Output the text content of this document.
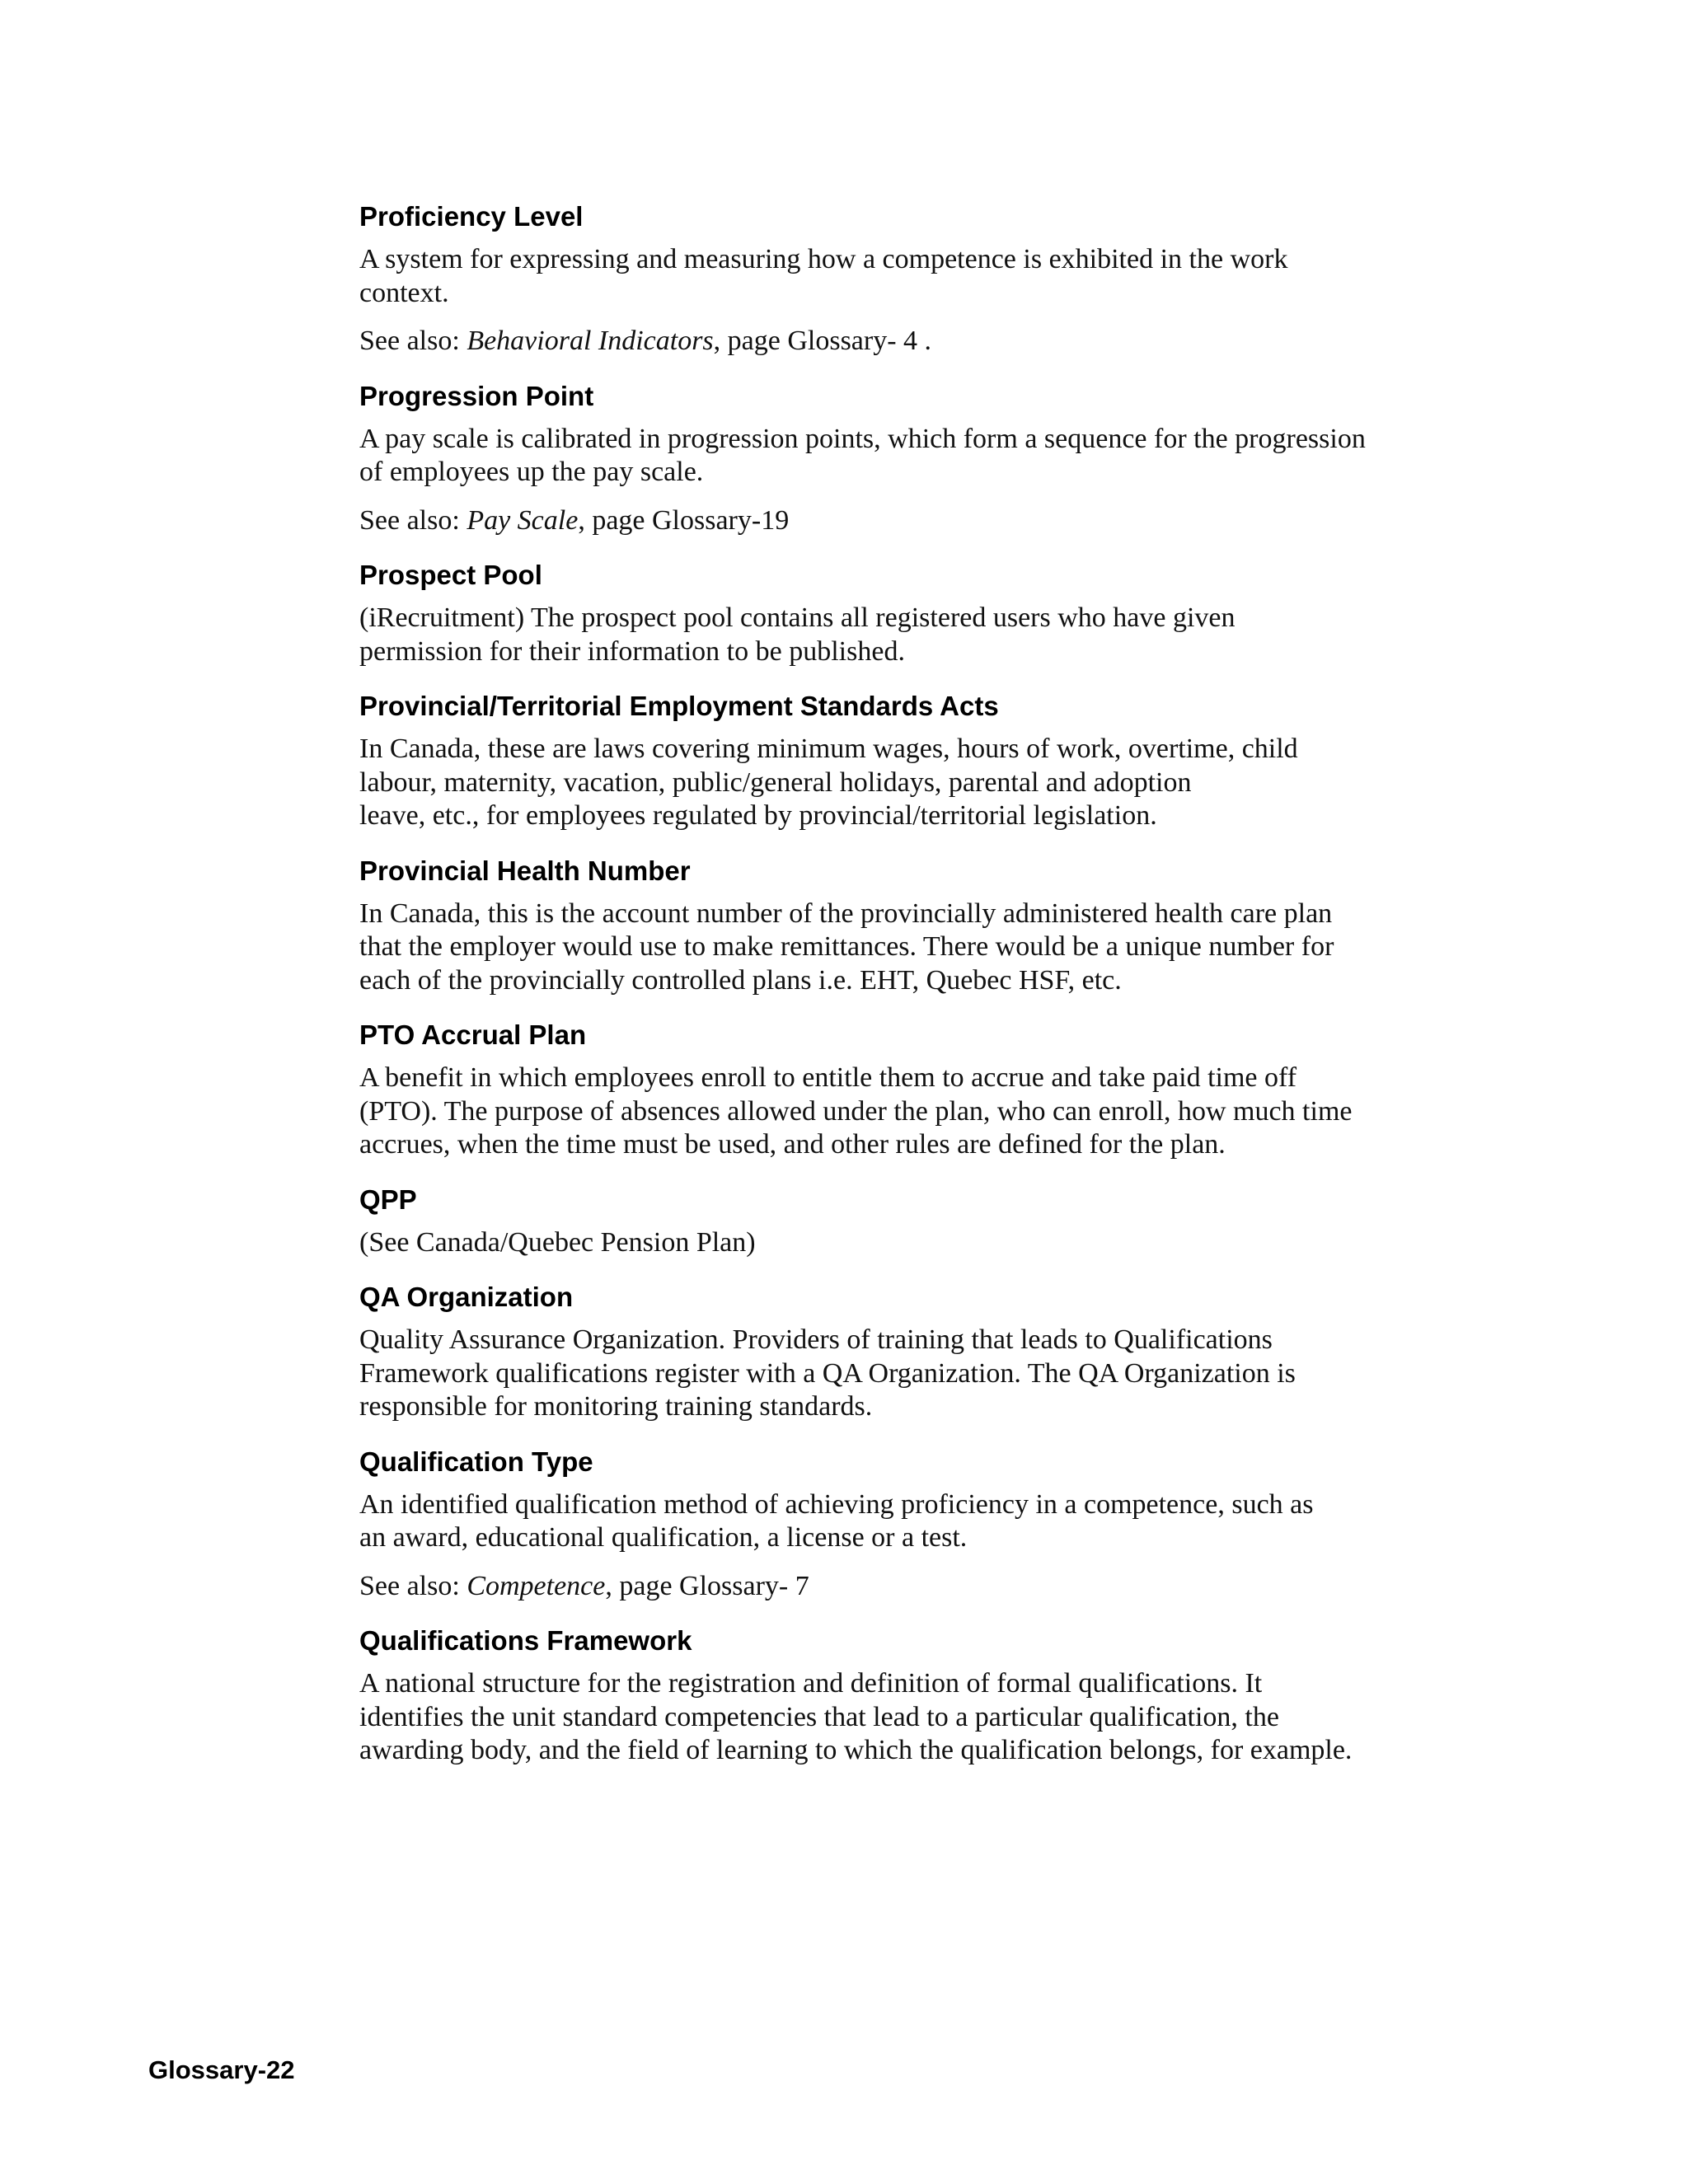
Proficiency Level

A system for expressing and measuring how a competence is exhibited in the work
context.

See also: Behavioral Indicators, page Glossary- 4 .

Progression Point

A pay scale is calibrated in progression points, which form a sequence for the progression
of employees up the pay scale.

See also: Pay Scale, page Glossary-19

Prospect Pool

(iRecruitment) The prospect pool contains all registered users who have given
permission for their information to be published.

Provincial/Territorial Employment Standards Acts

In Canada, these are laws covering minimum wages, hours of work, overtime, child
labour, maternity, vacation, public/general holidays, parental and adoption
leave, etc., for employees regulated by provincial/territorial legislation.

Provincial Health Number

In Canada, this is the account number of the provincially administered health care plan
that the employer would use to make remittances. There would be a unique number for
each of the provincially controlled plans i.e. EHT, Quebec HSF, etc.

PTO Accrual Plan

A benefit in which employees enroll to entitle them to accrue and take paid time off
(PTO). The purpose of absences allowed under the plan, who can enroll, how much time
accrues, when the time must be used, and other rules are defined for the plan.

QPP

(See Canada/Quebec Pension Plan)

QA Organization

Quality Assurance Organization. Providers of training that leads to Qualifications
Framework qualifications register with a QA Organization. The QA Organization is
responsible for monitoring training standards.

Qualification Type

An identified qualification method of achieving proficiency in a competence, such as
an award, educational qualification, a license or a test.

See also: Competence, page Glossary- 7

Qualifications Framework

A national structure for the registration and definition of formal qualifications. It
identifies the unit standard competencies that lead to a particular qualification, the
awarding body, and the field of learning to which the qualification belongs, for example.

Glossary-22
